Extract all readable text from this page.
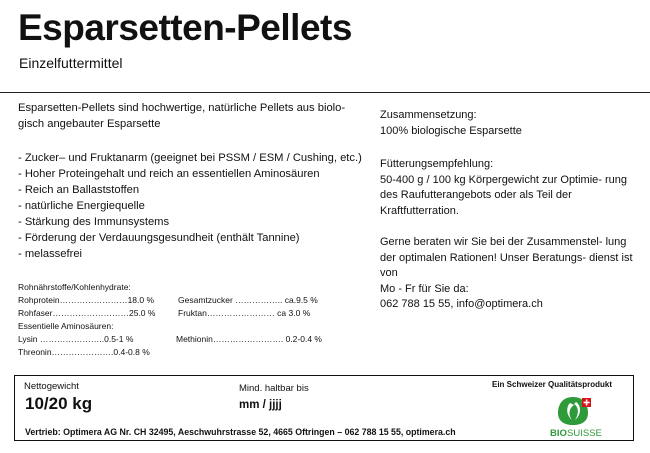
Esparsetten-Pellets
Einzelfuttermittel
Esparsetten-Pellets sind hochwertige, natürliche Pellets aus biolo- gisch angebauter Esparsette
- Zucker– und Fruktanarm (geeignet bei PSSM / ESM / Cushing, etc.)
- Hoher Proteingehalt und reich an essentiellen Aminosäuren
- Reich an Ballaststoffen
- natürliche Energiequelle
- Stärkung des Immunsystems
- Förderung der Verdauungsgesundheit (enthält Tannine)
- melassefrei
Rohnährstoffe/Kohlenhydrate:
Rohprotein……………………18.0 %	Gesamtzucker …………….. ca.9.5 %
Rohfaser………………………25.0 %	Fruktan…………………… ca 3.0 %
Essentielle Aminosäuren:
Lysin …………………..0.5-1 %	Methionin……………………. 0.2-0.4 %
Threonin………………….0.4-0.8 %

Zusammensetzung:

100% biologische Esparsette

Fütterungsempfehlung:

50-400 g / 100 kg Körpergewicht zur Optimie- rung des Raufutterangebots oder als Teil der Kraftfutterration.

Gerne beraten wir Sie bei der Zusammenstel- lung der optimalen Rationen! Unser Beratungs- dienst ist von

Mo - Fr für Sie da:

062 788 15 55, info@optimera.ch

Nettogewicht
10/20 kg
Mind. haltbar bis
mm / jjjj
Ein Schweizer Qualitätsprodukt
Vertrieb: Optimera AG Nr. CH 32495, Aeschwuhrstrasse 52, 4665 Oftringen – 062 788 15 55, optimera.ch	BIO SUISSE
